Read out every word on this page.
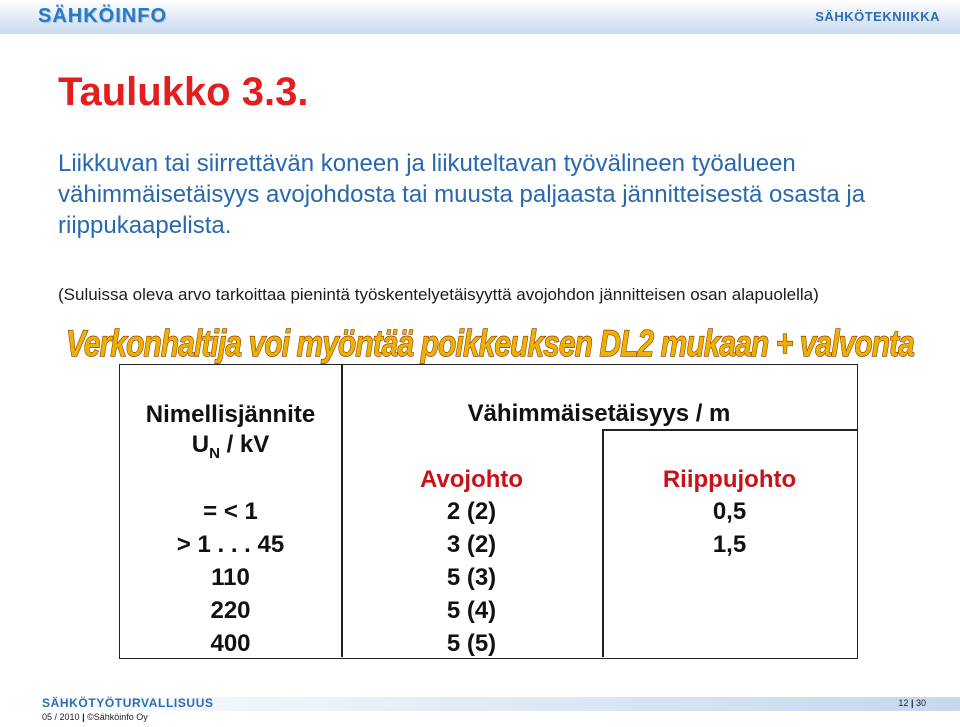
SÄHKÖINFO	SÄHKÖTEKNIIKKA
Taulukko 3.3.

Liikkuvan tai siirrettävän koneen ja liikuteltavan työvälineen työalueen vähimmäisetäisyys avojohdosta tai muusta paljaasta jännitteisestä osasta ja riippukaapelista.

(Suluissa oleva arvo tarkoittaa pienintä työskentelyetäisyyttä avojohdon jännitteisen osan alapuolella)

Verkonhaltija voi myöntää poikkeuksen DL2 mukaan + valvonta
Nimellisjännite
$U_N$ / kV
Vähimmäisetäisyys / m
Avojohto	Riippujohto
= < 1	2 (2)	0,5
> 1 . . . 45	3 (2)	1,5
110	5 (3)
220	5 (4)
400	5 (5)
SÄHKÖTYÖTURVALLISUUS
05 / 2010 | ©Sähköinfo Oy
12 | 30
